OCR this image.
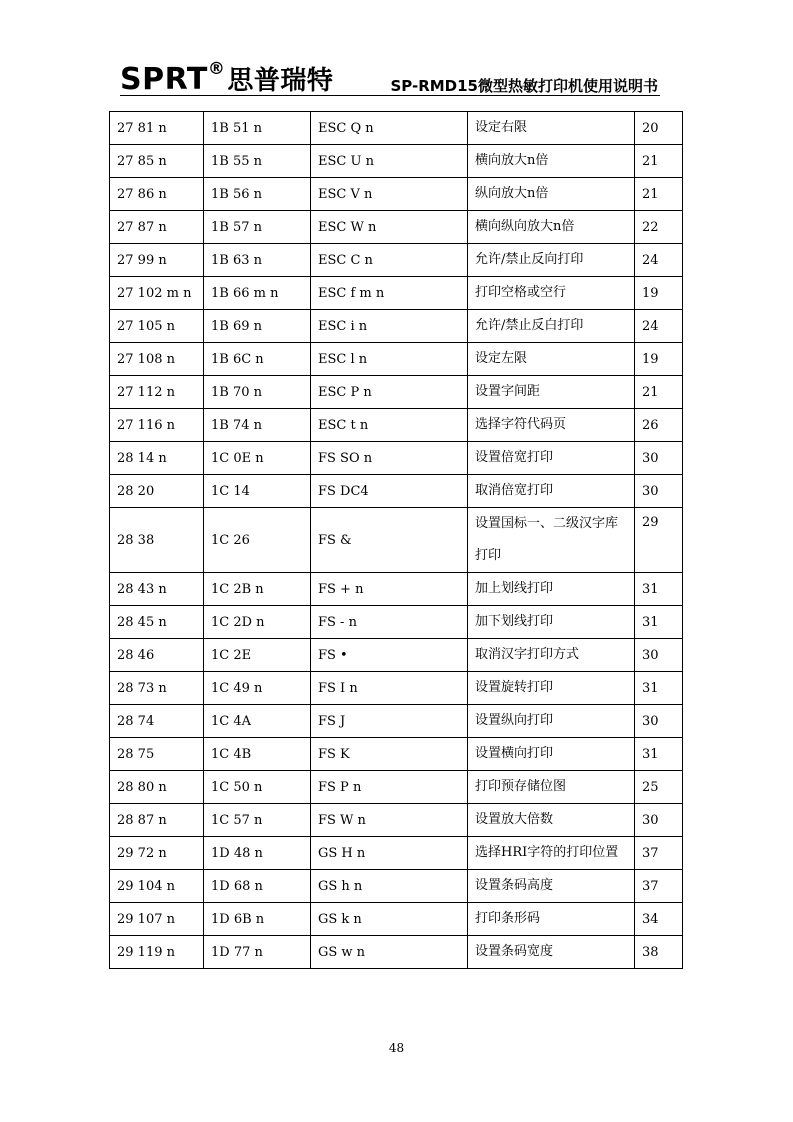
SPRT®思普瑞特	SP-RMD15微型热敏打印机使用说明书
27 81 n	1B 51 n	ESC Q n	设定右限	20
27 85 n	1B 55 n	ESC U n	横向放大n倍	21
27 86 n	1B 56 n	ESC V n	纵向放大n倍	21
27 87 n	1B 57 n	ESC W n	横向纵向放大n倍	22
27 99 n	1B 63 n	ESC C n	允许/禁止反向打印	24
27 102 m n	1B 66 m n	ESC f m n	打印空格或空行	19
27 105 n	1B 69 n	ESC i n	允许/禁止反白打印	24
27 108 n	1B 6C n	ESC l n	设定左限	19
27 112 n	1B 70 n	ESC P n	设置字间距	21
27 116 n	1B 74 n	ESC t n	选择字符代码页	26
28 14 n	1C 0E n	FS SO n	设置倍宽打印	30
28 20	1C 14	FS DC4	取消倍宽打印	30
28 38	1C 26	FS &	设置国标一、二级汉字库打印	29
28 43 n	1C 2B n	FS + n	加上划线打印	31
28 45 n	1C 2D n	FS - n	加下划线打印	31
28 46	1C 2E	FS •	取消汉字打印方式	30
28 73 n	1C 49 n	FS I n	设置旋转打印	31
28 74	1C 4A	FS J	设置纵向打印	30
28 75	1C 4B	FS K	设置横向打印	31
28 80 n	1C 50 n	FS P n	打印预存储位图	25
28 87 n	1C 57 n	FS W n	设置放大倍数	30
29 72 n	1D 48 n	GS H n	选择HRI字符的打印位置	37
29 104 n	1D 68 n	GS h n	设置条码高度	37
29 107 n	1D 6B n	GS k n	打印条形码	34
29 119 n	1D 77 n	GS w n	设置条码宽度	38
48
